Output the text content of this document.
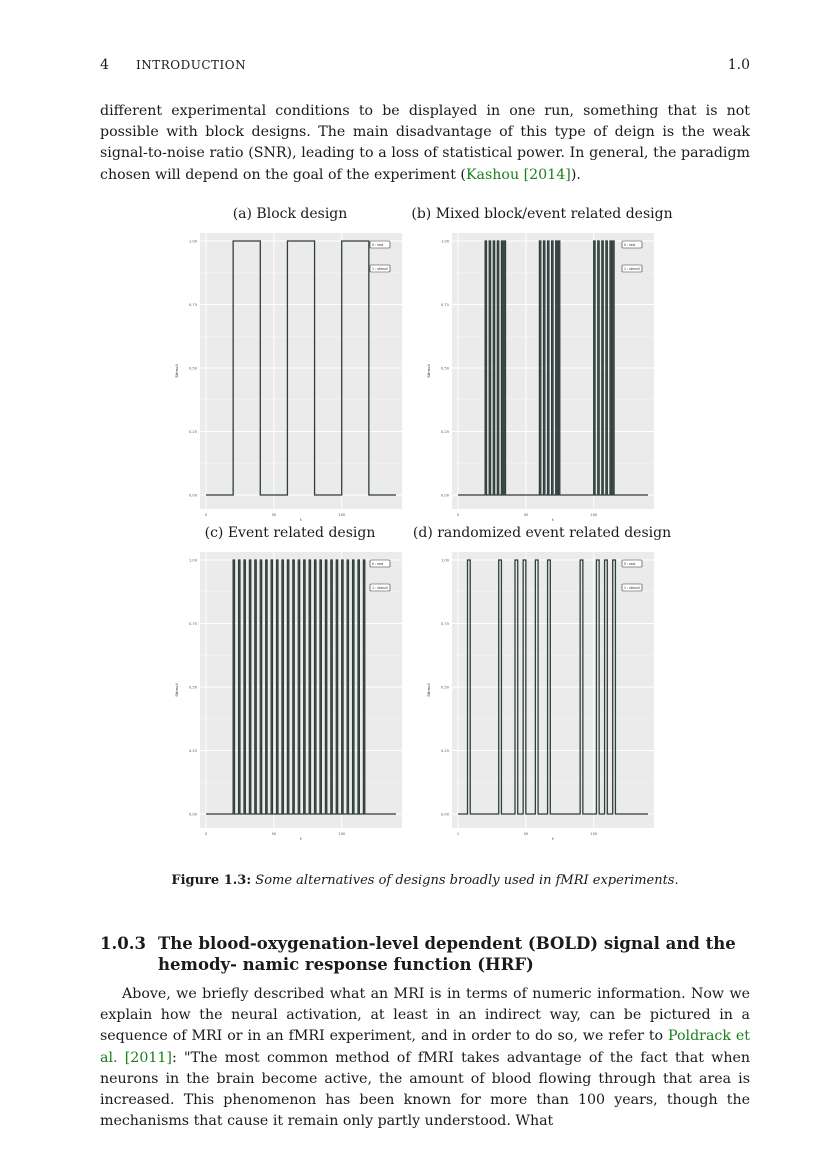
4 INTRODUCTION	1.0

different experimental conditions to be displayed in one run, something that is not possible with block designs. The main disadvantage of this type of deign is the weak signal-to-noise ratio (SNR), leading to a loss of statistical power. In general, the paradigm chosen will depend on the goal of the experiment (Kashou [2014]).

(a) Block design
0.00
0.25
0.50
0.75
1.00
0	50	100
t
Stimuli
0 : rest
1 : stimuli
(b) Mixed block/event related design
0.00
0.25
0.50
0.75
1.00
0	50	100
t
Stimuli
0 : rest
1 : stimuli
(c) Event related design
0.00
0.25
0.50
0.75
1.00
0	50	100
t
Stimuli
0 : rest
1 : stimuli
(d) randomized event related design
0.00
0.25
0.50
0.75
1.00
1	50	100
t
Stimuli
0 : rest
1 : stimuli
Figure 1.3: Some alternatives of designs broadly used in fMRI experiments.
1.0.3 The blood-oxygenation-level dependent (BOLD) signal and the hemody- namic response function (HRF)

Above, we briefly described what an MRI is in terms of numeric information. Now we explain how the neural activation, at least in an indirect way, can be pictured in a sequence of MRI or in an fMRI experiment, and in order to do so, we refer to Poldrack et al. [2011]: "The most common method of fMRI takes advantage of the fact that when neurons in the brain become active, the amount of blood flowing through that area is increased. This phenomenon has been known for more than 100 years, though the mechanisms that cause it remain only partly understood. What
